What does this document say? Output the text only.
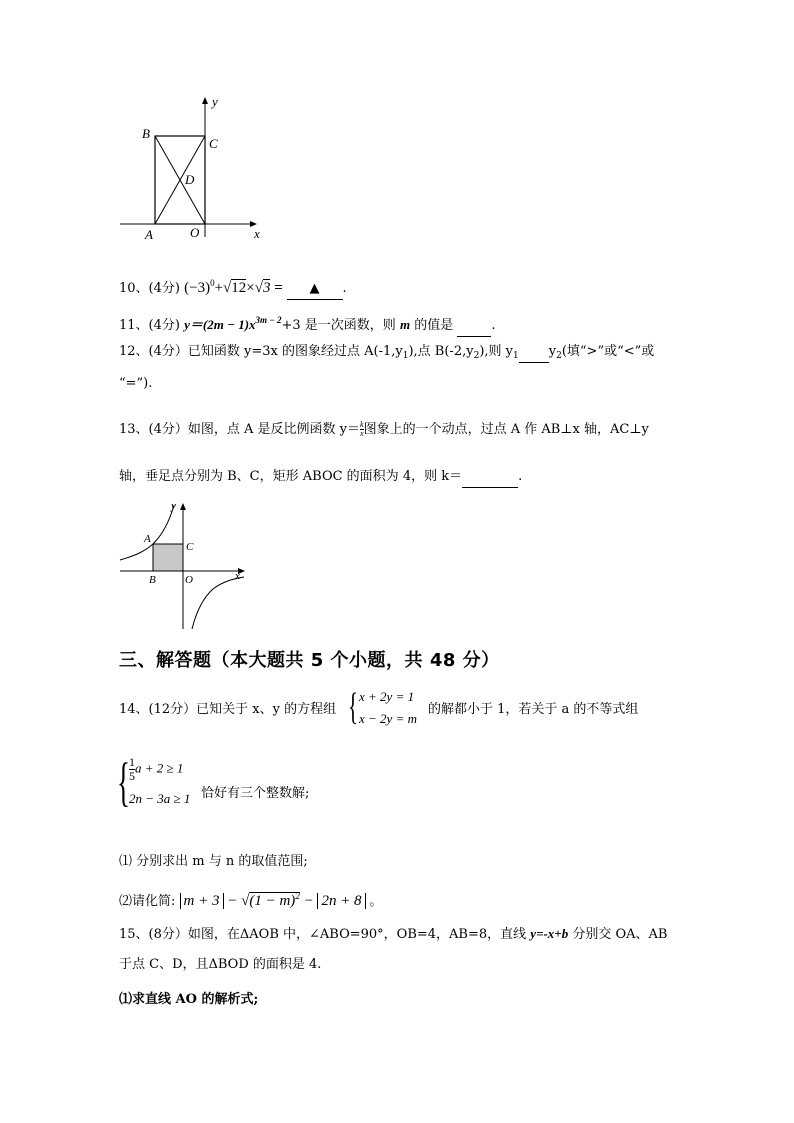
y
x
B
C
D
A	O
10、(4分) $(-3)^0+√12\times√3$ = ▲ .
11、(4分) $y=(2m - 1)x^{3m - 2}+3$ 是一次函数，则 m 的值是	.
12、(4分）已知函数 y=3x 的图象经过点 $A(-1,y_1)$,点 $B(-2,y_2)$,则 $y_1$ $y_2$(填“>”或“<”或
“=”).
13、(4分）如图，点 A 是反比例函数 $y= \frac{k}{x}$ 图象上的一个动点，过点 A 作 AB⊥x 轴，AC⊥y
轴，垂足点分别为 B、C，矩形 ABOC 的面积为 4，则 k＝	.
y
x
A
C
B	O
三、解答题（本大题共 5 个小题，共 48 分）
14、(12分）已知关于 x、y 的方程组 { x + 2y = 1
x − 2y = m
的解都小于 1，若关于 a 的不等式组
{ $\frac{1}{5}$ a + 2 ≥ 1
2n − 3a ≥ 1 恰好有三个整数解;
⑴ 分别求出 m 与 n 的取值范围;
⑵请化简: $m + 3 - √(1 - m)^2 - 2n + 8$ 。
15、(8分）如图，在ΔAOB 中，∠ABO=90°，OB=4，AB=8，直线 y=-x+b 分别交 OA、AB
于点 C、D，且ΔBOD 的面积是 4.
⑴求直线 AO 的解析式;
